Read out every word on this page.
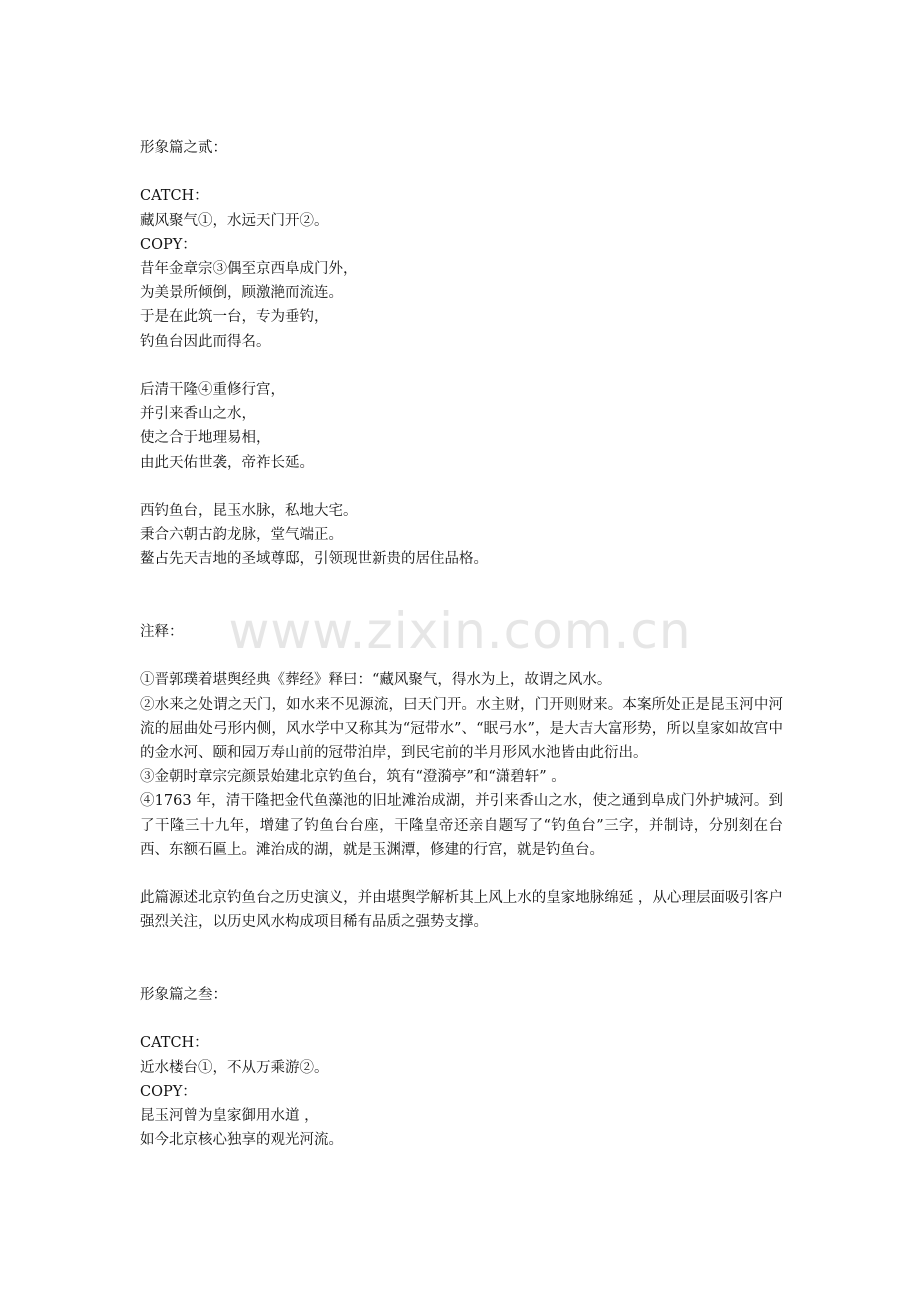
形象篇之贰：
CATCH：
藏风聚气①，水远天门开②。
COPY：
昔年金章宗③偶至京西阜成门外，
为美景所倾倒，顾激滟而流连。
于是在此筑一台，专为垂钓，
钓鱼台因此而得名。
后清干隆④重修行宫，
并引来香山之水，
使之合于地理易相，
由此天佑世袭，帝祚长延。
西钓鱼台，昆玉水脉，私地大宅。
秉合六朝古韵龙脉，堂气端正。
鳌占先天吉地的圣域尊邸，引领现世新贵的居住品格。
注释：
①晋郭璞着堪舆经典《葬经》释曰：“藏风聚气，得水为上，故谓之风水。
②水来之处谓之天门，如水来不见源流，曰天门开。水主财，门开则财来。本案所处正是昆玉河中河流的屈曲处弓形内侧，风水学中又称其为“冠带水”、“眠弓水”，是大吉大富形势，所以皇家如故宫中的金水河、颐和园万寿山前的冠带泊岸，到民宅前的半月形风水池皆由此衍出。
③金朝时章宗完颜景始建北京钓鱼台，筑有“澄漪亭”和“潇碧轩” 。
④1763 年，清干隆把金代鱼藻池的旧址滩治成湖，并引来香山之水，使之通到阜成门外护城河。到了干隆三十九年，增建了钓鱼台台座，干隆皇帝还亲自题写了“钓鱼台”三字，并制诗，分别刻在台西、东额石匾上。滩治成的湖，就是玉渊潭，修建的行宫，就是钓鱼台。
此篇源述北京钓鱼台之历史演义，并由堪舆学解析其上风上水的皇家地脉绵延 ，从心理层面吸引客户强烈关注，以历史风水构成项目稀有品质之强势支撑。
形象篇之叁：
CATCH：
近水楼台①，不从万乘游②。
COPY：
昆玉河曾为皇家御用水道 ，
如今北京核心独享的观光河流。
www.zixin.com.cn
